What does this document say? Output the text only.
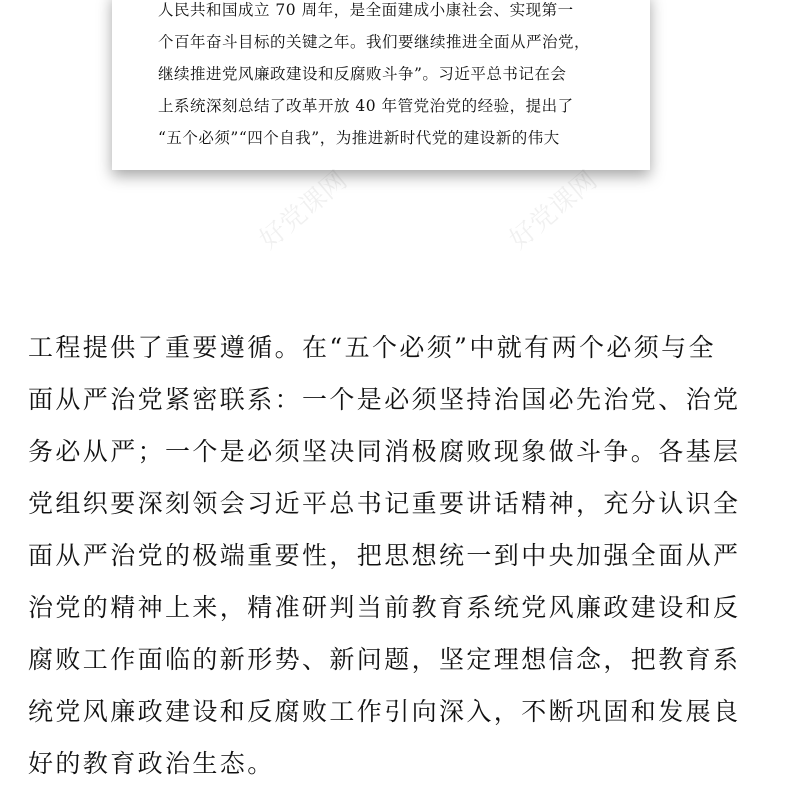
人民共和国成立 70 周年，是全面建成小康社会、实现第一
个百年奋斗目标的关键之年。我们要继续推进全面从严治党，
继续推进党风廉政建设和反腐败斗争”。习近平总书记在会
上系统深刻总结了改革开放 40 年管党治党的经验，提出了
“五个必须”“四个自我”，为推进新时代党的建设新的伟大
好党课网	好党课网
工程提供了重要遵循。在“五个必须”中就有两个必须与全
面从严治党紧密联系：一个是必须坚持治国必先治党、治党
务必从严；一个是必须坚决同消极腐败现象做斗争。各基层
党组织要深刻领会习近平总书记重要讲话精神，充分认识全
面从严治党的极端重要性，把思想统一到中央加强全面从严
治党的精神上来，精准研判当前教育系统党风廉政建设和反
腐败工作面临的新形势、新问题，坚定理想信念，把教育系
统党风廉政建设和反腐败工作引向深入，不断巩固和发展良
好的教育政治生态。
